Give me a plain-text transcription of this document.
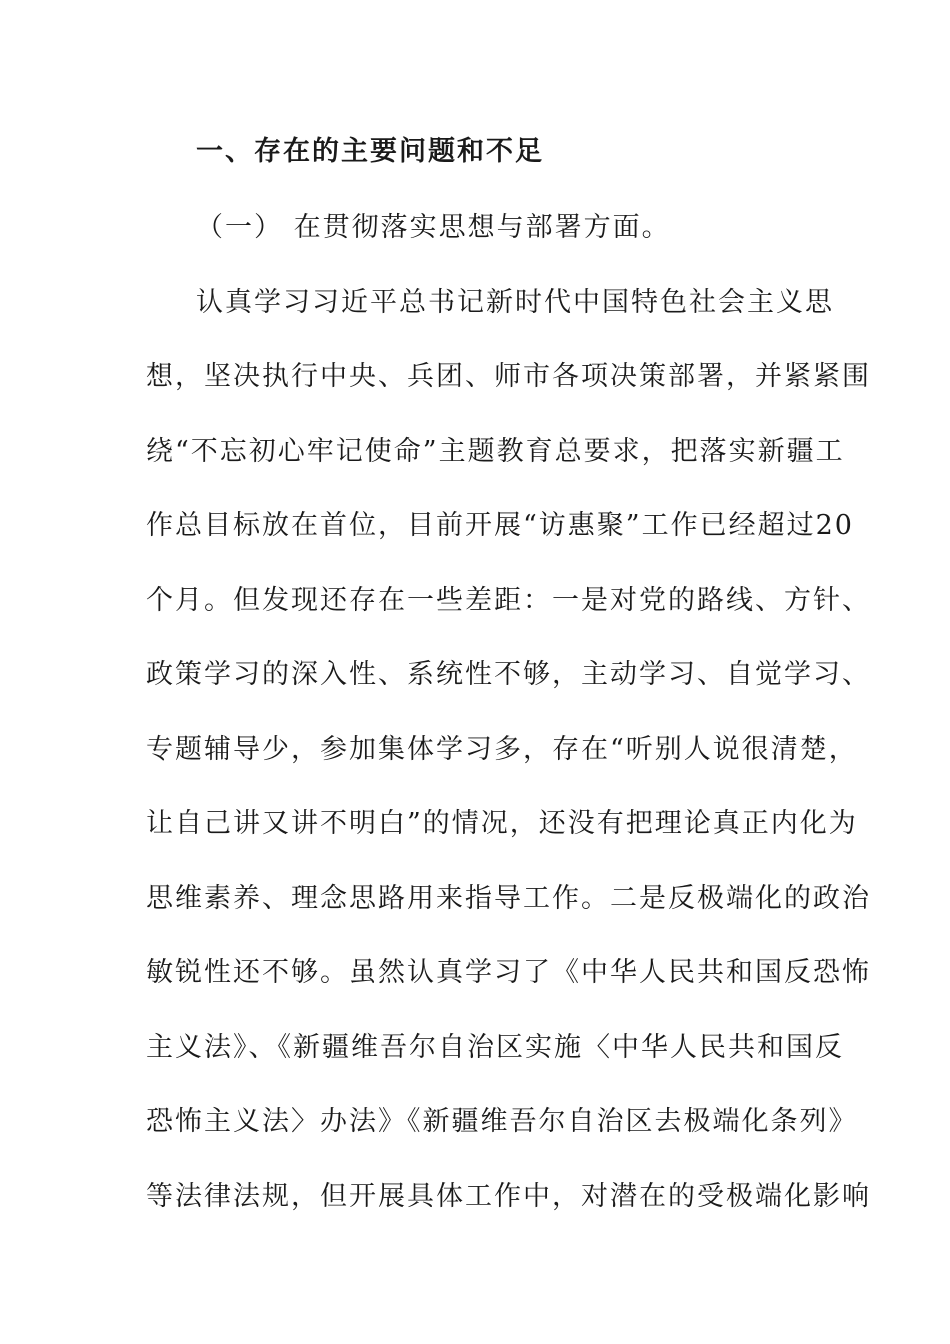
一、存在的主要问题和不足
（一） 在贯彻落实思想与部署方面。
认真学习习近平总书记新时代中国特色社会主义思
想，坚决执行中央、兵团、师市各项决策部署，并紧紧围
绕“不忘初心牢记使命”主题教育总要求，把落实新疆工
作总目标放在首位，目前开展“访惠聚”工作已经超过20
个月。但发现还存在一些差距：一是对党的路线、方针、
政策学习的深入性、系统性不够，主动学习、自觉学习、
专题辅导少，参加集体学习多，存在“听别人说很清楚，
让自己讲又讲不明白”的情况，还没有把理论真正内化为
思维素养、理念思路用来指导工作。二是反极端化的政治
敏锐性还不够。虽然认真学习了《中华人民共和国反恐怖
主义法》、《新疆维吾尔自治区实施〈中华人民共和国反
恐怖主义法〉办法》《新疆维吾尔自治区去极端化条列》
等法律法规，但开展具体工作中，对潜在的受极端化影响
